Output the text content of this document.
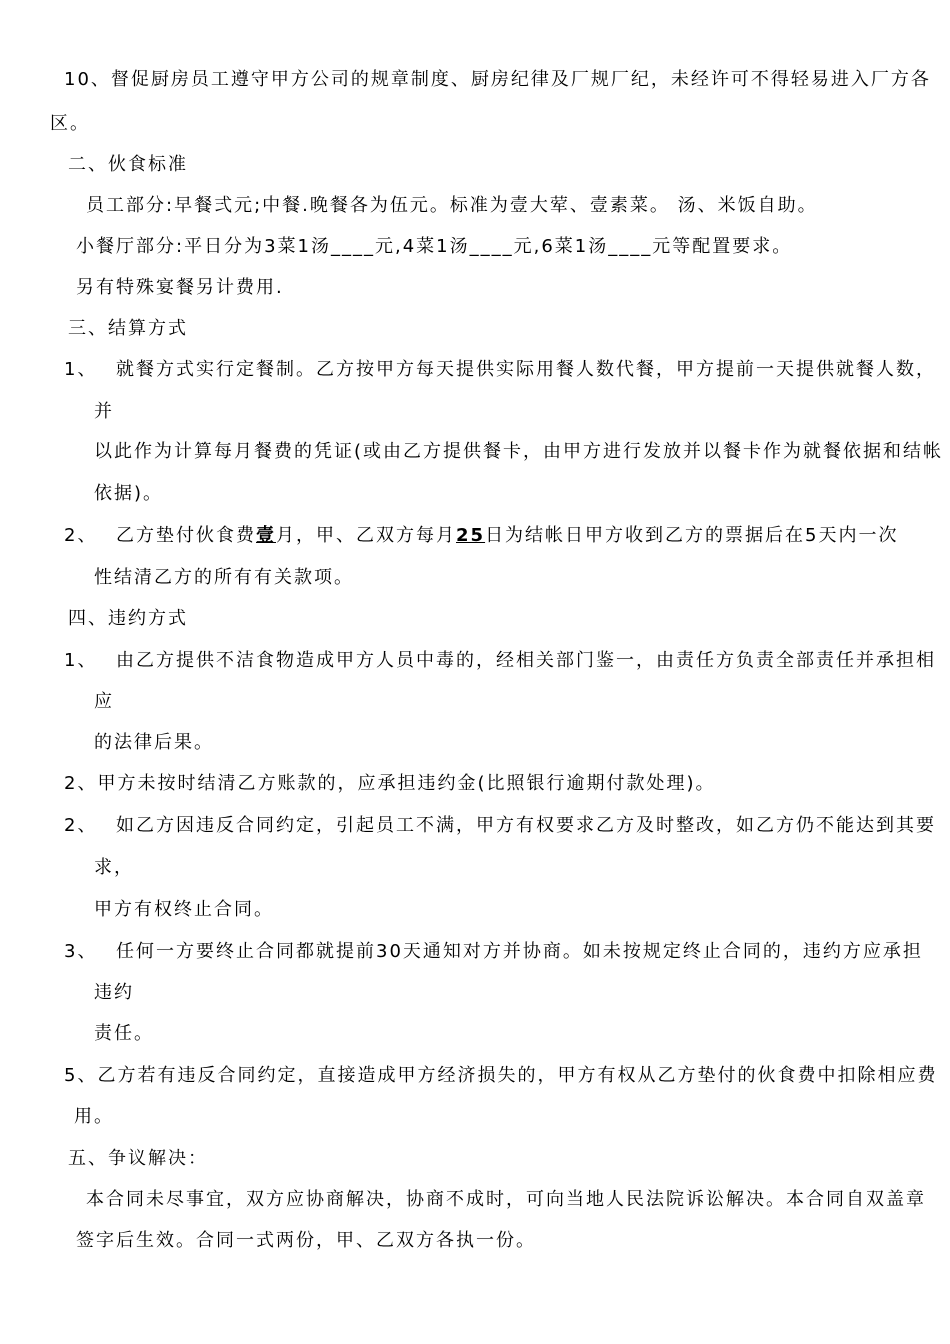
10、督促厨房员工遵守甲方公司的规章制度、厨房纪律及厂规厂纪，未经许可不得轻易进入厂方各
区。
二、伙食标准
员工部分:早餐弍元;中餐.晚餐各为伍元。标准为壹大荤、壹素菜。 汤、米饭自助。
小餐厅部分:平日分为3菜1汤____元,4菜1汤____元,6菜1汤____元等配置要求。
另有特殊宴餐另计费用.
三、结算方式
1、 就餐方式实行定餐制。乙方按甲方每天提供实际用餐人数代餐，甲方提前一天提供就餐人数，
并
以此作为计算每月餐费的凭证(或由乙方提供餐卡，由甲方进行发放并以餐卡作为就餐依据和结帐
依据)。
2、 乙方垫付伙食费壹月，甲、乙双方每月25日为结帐日甲方收到乙方的票据后在5天内一次
性结清乙方的所有有关款项。
四、违约方式
1、 由乙方提供不洁食物造成甲方人员中毒的，经相关部门鉴一，由责任方负责全部责任并承担相
应
的法律后果。
2、甲方未按时结清乙方账款的，应承担违约金(比照银行逾期付款处理)。
2、 如乙方因违反合同约定，引起员工不满，甲方有权要求乙方及时整改，如乙方仍不能达到其要
求，
甲方有权终止合同。
3、 任何一方要终止合同都就提前30天通知对方并协商。如未按规定终止合同的，违约方应承担
违约
责任。
5、乙方若有违反合同约定，直接造成甲方经济损失的，甲方有权从乙方垫付的伙食费中扣除相应费
用。
五、争议解决：
本合同未尽事宜，双方应协商解决，协商不成时，可向当地人民法院诉讼解决。本合同自双盖章
签字后生效。合同一式两份，甲、乙双方各执一份。
